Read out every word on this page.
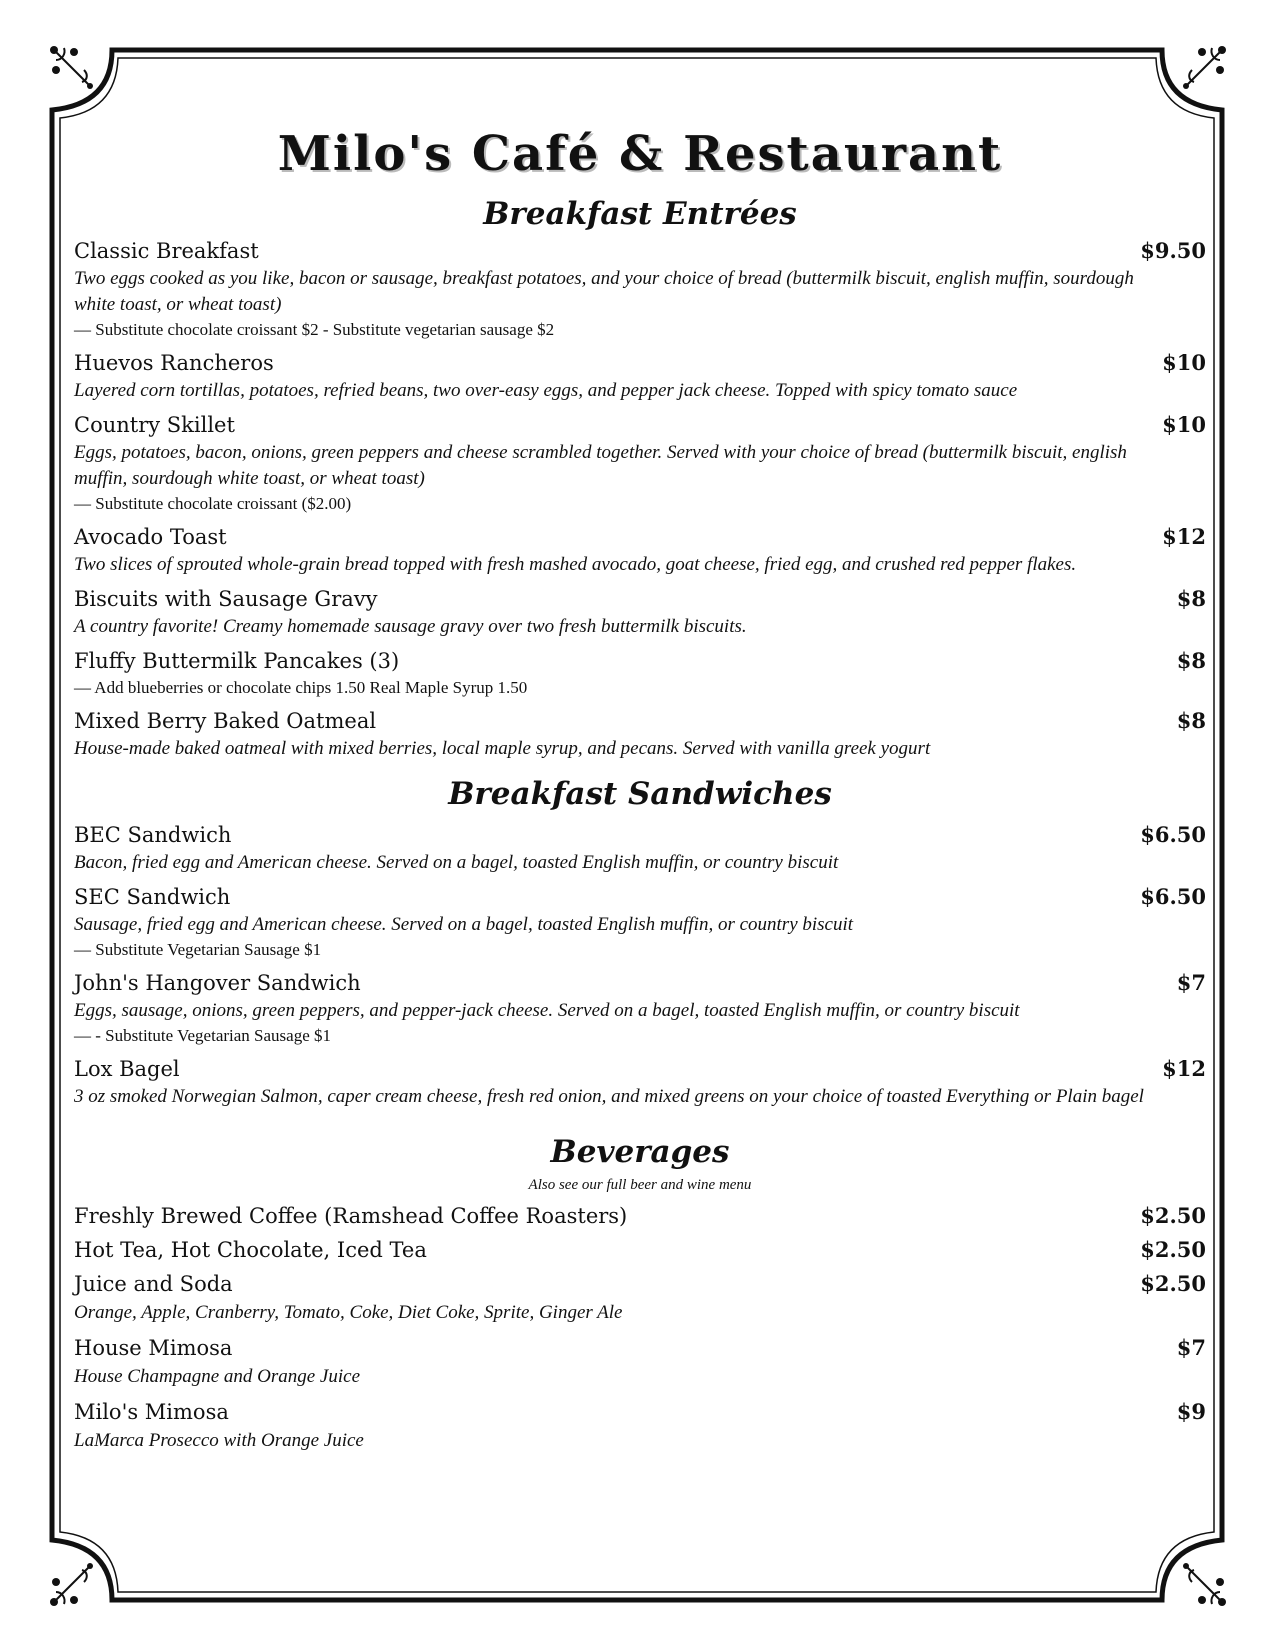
Milo's Café & Restaurant
Breakfast Entrées
Classic Breakfast	$9.50
Two eggs cooked as you like, bacon or sausage, breakfast potatoes, and your choice of bread (buttermilk biscuit, english muffin, sourdough white toast, or wheat toast)
— Substitute chocolate croissant $2 - Substitute vegetarian sausage $2
Huevos Rancheros	$10
Layered corn tortillas, potatoes, refried beans, two over-easy eggs, and pepper jack cheese. Topped with spicy tomato sauce
Country Skillet	$10
Eggs, potatoes, bacon, onions, green peppers and cheese scrambled together. Served with your choice of bread (buttermilk biscuit, english muffin, sourdough white toast, or wheat toast)
— Substitute chocolate croissant ($2.00)
Avocado Toast	$12
Two slices of sprouted whole-grain bread topped with fresh mashed avocado, goat cheese, fried egg, and crushed red pepper flakes.
Biscuits with Sausage Gravy	$8
A country favorite! Creamy homemade sausage gravy over two fresh buttermilk biscuits.
Fluffy Buttermilk Pancakes (3)	$8
— Add blueberries or chocolate chips 1.50 Real Maple Syrup 1.50
Mixed Berry Baked Oatmeal	$8
House-made baked oatmeal with mixed berries, local maple syrup, and pecans. Served with vanilla greek yogurt
Breakfast Sandwiches
BEC Sandwich	$6.50
Bacon, fried egg and American cheese. Served on a bagel, toasted English muffin, or country biscuit
SEC Sandwich	$6.50
Sausage, fried egg and American cheese. Served on a bagel, toasted English muffin, or country biscuit
— Substitute Vegetarian Sausage $1
John's Hangover Sandwich	$7
Eggs, sausage, onions, green peppers, and pepper-jack cheese. Served on a bagel, toasted English muffin, or country biscuit
— - Substitute Vegetarian Sausage $1
Lox Bagel	$12
3 oz smoked Norwegian Salmon, caper cream cheese, fresh red onion, and mixed greens on your choice of toasted Everything or Plain bagel
Beverages
Also see our full beer and wine menu
Freshly Brewed Coffee (Ramshead Coffee Roasters)	$2.50
Hot Tea, Hot Chocolate, Iced Tea	$2.50
Juice and Soda	$2.50
Orange, Apple, Cranberry, Tomato, Coke, Diet Coke, Sprite, Ginger Ale
House Mimosa	$7
House Champagne and Orange Juice
Milo's Mimosa	$9
LaMarca Prosecco with Orange Juice
